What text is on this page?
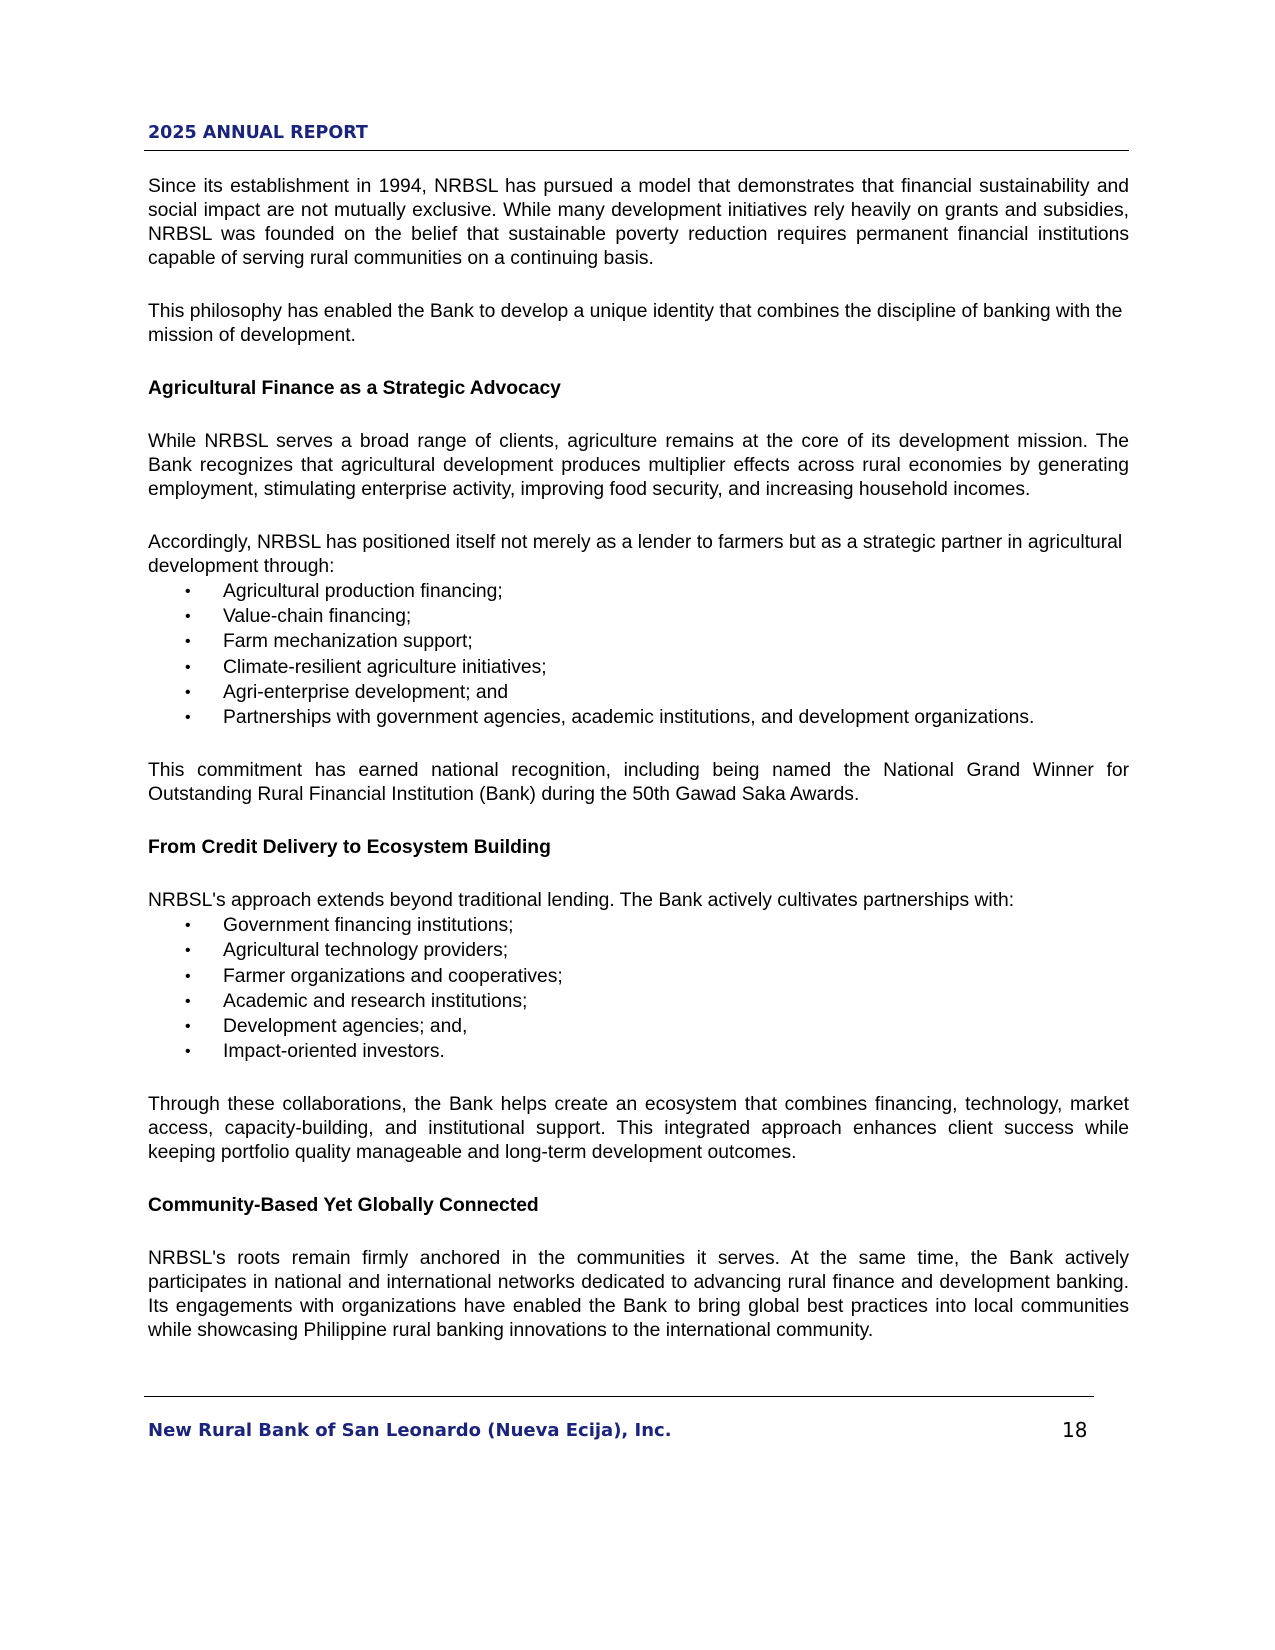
2025 ANNUAL REPORT

Since its establishment in 1994, NRBSL has pursued a model that demonstrates that financial sustainability and social impact are not mutually exclusive. While many development initiatives rely heavily on grants and subsidies, NRBSL was founded on the belief that sustainable poverty reduction requires permanent financial institutions capable of serving rural communities on a continuing basis.

This philosophy has enabled the Bank to develop a unique identity that combines the discipline of banking with the mission of development.

Agricultural Finance as a Strategic Advocacy

While NRBSL serves a broad range of clients, agriculture remains at the core of its development mission. The Bank recognizes that agricultural development produces multiplier effects across rural economies by generating employment, stimulating enterprise activity, improving food security, and increasing household incomes.

Accordingly, NRBSL has positioned itself not merely as a lender to farmers but as a strategic partner in agricultural development through:

• Agricultural production financing;
• Value-chain financing;
• Farm mechanization support;
• Climate-resilient agriculture initiatives;
• Agri-enterprise development; and
• Partnerships with government agencies, academic institutions, and development organizations.

This commitment has earned national recognition, including being named the National Grand Winner for Outstanding Rural Financial Institution (Bank) during the 50th Gawad Saka Awards.

From Credit Delivery to Ecosystem Building

NRBSL's approach extends beyond traditional lending. The Bank actively cultivates partnerships with:

• Government financing institutions;
• Agricultural technology providers;
• Farmer organizations and cooperatives;
• Academic and research institutions;
• Development agencies; and,
• Impact-oriented investors.

Through these collaborations, the Bank helps create an ecosystem that combines financing, technology, market access, capacity-building, and institutional support. This integrated approach enhances client success while keeping portfolio quality manageable and long-term development outcomes.

Community-Based Yet Globally Connected

NRBSL's roots remain firmly anchored in the communities it serves. At the same time, the Bank actively participates in national and international networks dedicated to advancing rural finance and development banking. Its engagements with organizations have enabled the Bank to bring global best practices into local communities while showcasing Philippine rural banking innovations to the international community.

New Rural Bank of San Leonardo (Nueva Ecija), Inc.	18
